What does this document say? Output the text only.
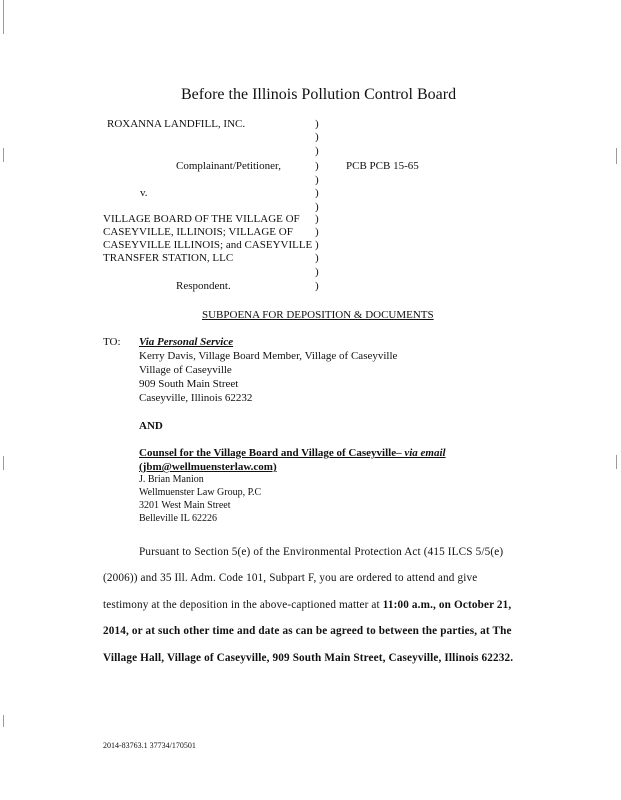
Before the Illinois Pollution Control Board
ROXANNA LANDFILL, INC.
Complainant/Petitioner,	PCB PCB 15-65
v.
VILLAGE BOARD OF THE VILLAGE OF
CASEYVILLE, ILLINOIS; VILLAGE OF
CASEYVILLE ILLINOIS; and CASEYVILLE
TRANSFER STATION, LLC
Respondent.
)
)
)
)
)
)
)
)
)
)
)
)
)
SUBPOENA FOR DEPOSITION & DOCUMENTS
TO: Via Personal Service
Kerry Davis, Village Board Member, Village of Caseyville
Village of Caseyville
909 South Main Street
Caseyville, Illinois 62232
AND
Counsel for the Village Board and Village of Caseyville– via email
(jbm@wellmuensterlaw.com)
J. Brian Manion
Wellmuenster Law Group, P.C
3201 West Main Street
Belleville IL 62226
Pursuant to Section 5(e) of the Environmental Protection Act (415 ILCS 5/5(e)
(2006)) and 35 Ill. Adm. Code 101, Subpart F, you are ordered to attend and give
testimony at the deposition in the above-captioned matter at 11:00 a.m., on October 21,
2014, or at such other time and date as can be agreed to between the parties, at The
Village Hall, Village of Caseyville, 909 South Main Street, Caseyville, Illinois 62232.
2014-83763.1 37734/170501
